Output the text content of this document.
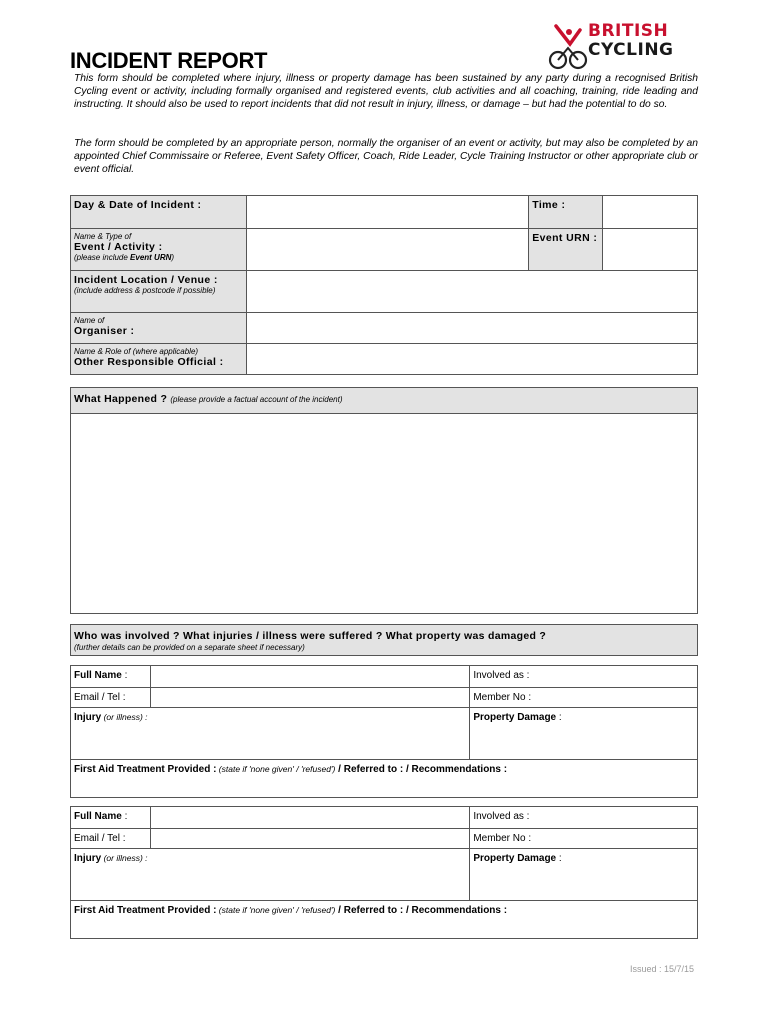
INCIDENT REPORT
BRITISH
CYCLING

This form should be completed where injury, illness or property damage has been sustained by any party during a recognised British Cycling event or activity, including formally organised and registered events, club activities and all coaching, training, ride leading and instructing. It should also be used to report incidents that did not result in injury, illness, or damage – but had the potential to do so.

The form should be completed by an appropriate person, normally the organiser of an event or activity, but may also be completed by an appointed Chief Commissaire or Referee, Event Safety Officer, Coach, Ride Leader, Cycle Training Instructor or other appropriate club or event official.

Day & Date of Incident :		Time :	

Name & Type of
Event / Activity :
(please include Event URN)		Event URN :	

Incident Location / Venue :
(include address & postcode if possible)			

Name of
Organiser :			

Name & Role of (where applicable)
Other Responsible Official :			

What Happened ? (please provide a factual account of the incident)
Who was involved ? What injuries / illness were suffered ? What property was damaged ?
(further details can be provided on a separate sheet if necessary)
Full Name :		Involved as :

Email / Tel :		Member No :

Injury (or illness) :		Property Damage :

First Aid Treatment Provided : (state if 'none given' / 'refused') / Referred to : / Recommendations :		
Full Name :		Involved as :

Email / Tel :		Member No :

Injury (or illness) :		Property Damage :

First Aid Treatment Provided : (state if 'none given' / 'refused') / Referred to : / Recommendations :		
Issued : 15/7/15
